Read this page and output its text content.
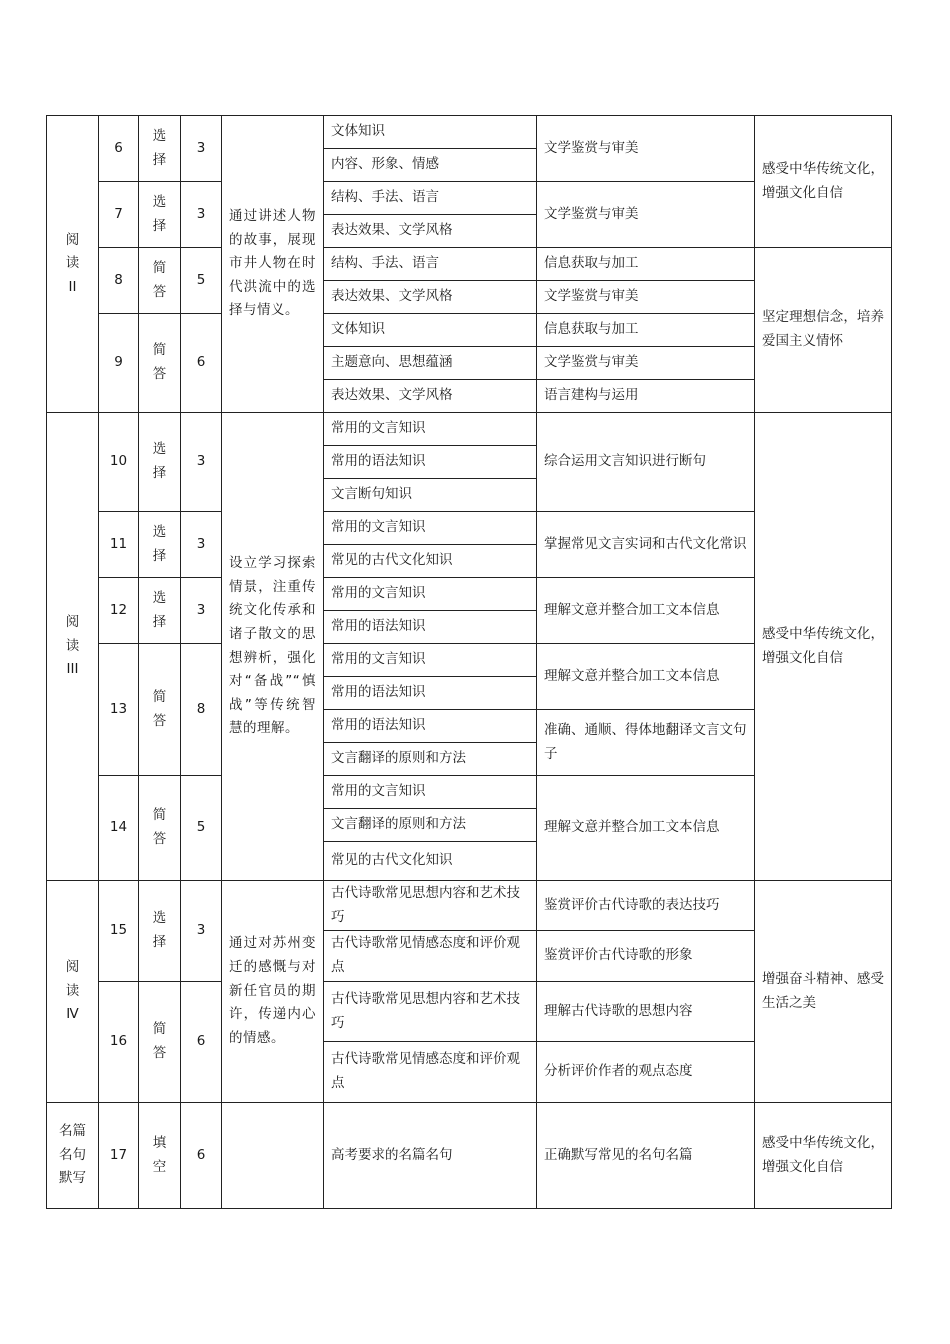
阅读 II	6	选择	3	通过讲述人物的故事，展现市井人物在时代洪流中的选择与情义。	文体知识	文学鉴赏与审美	感受中华传统文化，增强文化自信
					内容、形象、情感		
	7	选择	3		结构、手法、语言	文学鉴赏与审美	
					表达效果、文学风格		
	8	简答	5		结构、手法、语言	信息获取与加工	坚定理想信念，培养爱国主义情怀
					表达效果、文学风格	文学鉴赏与审美	
	9	简答	6		文体知识	信息获取与加工	
					主题意向、思想蕴涵	文学鉴赏与审美	
					表达效果、文学风格	语言建构与运用	
阅读 III	10	选择	3	设立学习探索情景，注重传统文化传承和诸子散文的思想辨析，强化对“备战”“慎战”等传统智慧的理解。	常用的文言知识	综合运用文言知识进行断句	感受中华传统文化，增强文化自信
					常用的语法知识		
					文言断句知识		
	11	选择	3		常用的文言知识	掌握常见文言实词和古代文化常识	
					常见的古代文化知识		
	12	选择	3		常用的文言知识	理解文意并整合加工文本信息	
					常用的语法知识		
	13	简答	8		常用的文言知识	理解文意并整合加工文本信息	
					常用的语法知识		
					常用的语法知识	准确、通顺、得体地翻译文言文句子	
					文言翻译的原则和方法		
	14	简答	5		常用的文言知识	理解文意并整合加工文本信息	
					文言翻译的原则和方法		
					常见的古代文化知识		
阅读 Ⅳ	15	选择	3	通过对苏州变迁的感慨与对新任官员的期许，传递内心的情感。	古代诗歌常见思想内容和艺术技巧	鉴赏评价古代诗歌的表达技巧	增强奋斗精神、感受生活之美
					古代诗歌常见情感态度和评价观点	鉴赏评价古代诗歌的形象	
	16	简答	6		古代诗歌常见思想内容和艺术技巧	理解古代诗歌的思想内容	
					古代诗歌常见情感态度和评价观点	分析评价作者的观点态度	
名篇名句默写	17	填空	6		高考要求的名篇名句	正确默写常见的名句名篇	感受中华传统文化，增强文化自信
